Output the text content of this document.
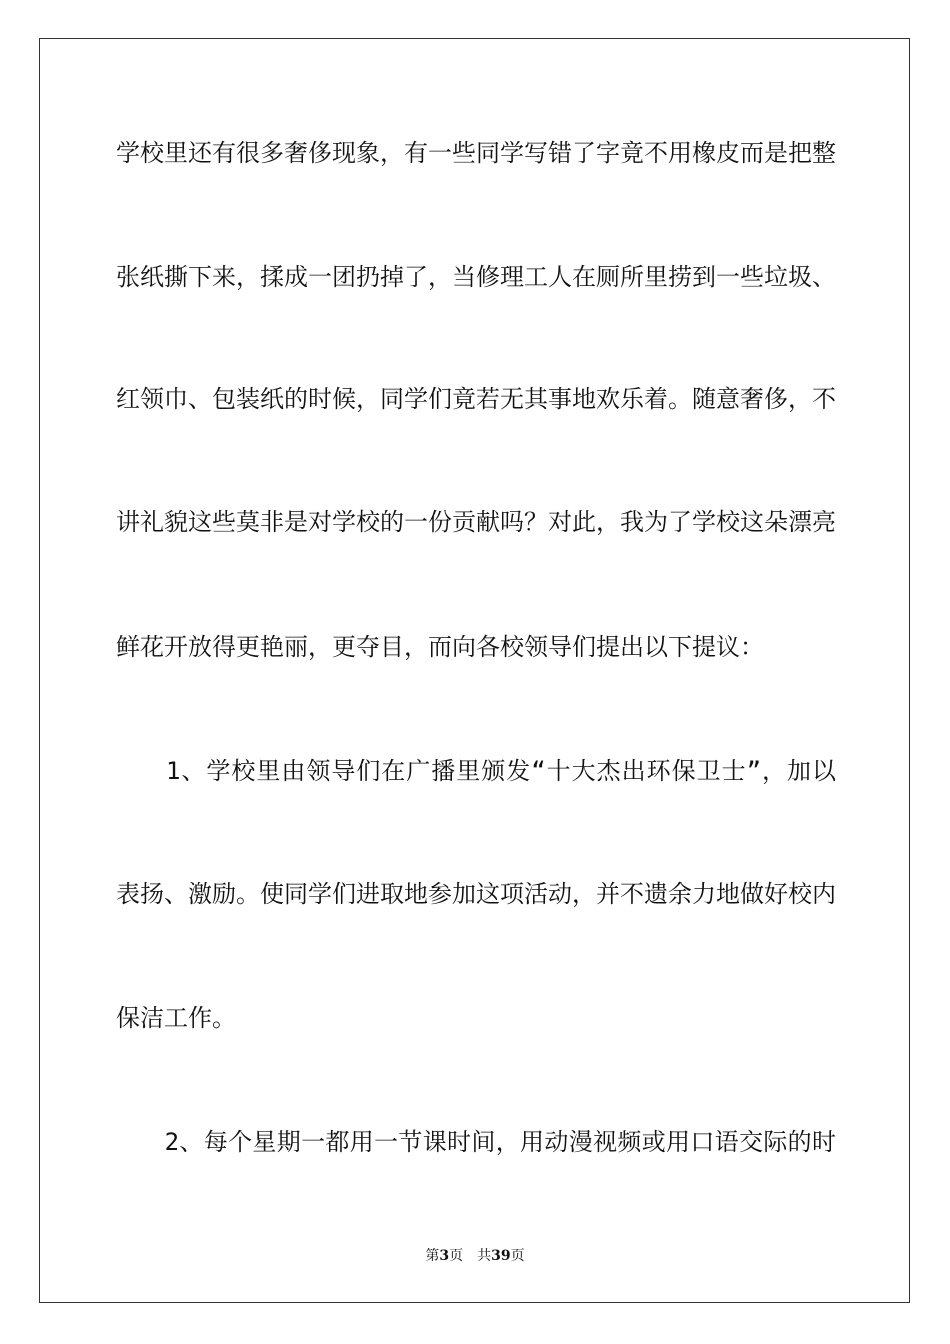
学校里还有很多奢侈现象，有一些同学写错了字竟不用橡皮而是把整
张纸撕下来，揉成一团扔掉了，当修理工人在厕所里捞到一些垃圾、
红领巾、包装纸的时候，同学们竟若无其事地欢乐着。随意奢侈，不
讲礼貌这些莫非是对学校的一份贡献吗？对此，我为了学校这朵漂亮
鲜花开放得更艳丽，更夺目，而向各校领导们提出以下提议：
　　1、学校里由领导们在广播里颁发“十大杰出环保卫士”，加以
表扬、激励。使同学们进取地参加这项活动，并不遗余力地做好校内
保洁工作。
　　2、每个星期一都用一节课时间，用动漫视频或用口语交际的时
第3页 共39页
